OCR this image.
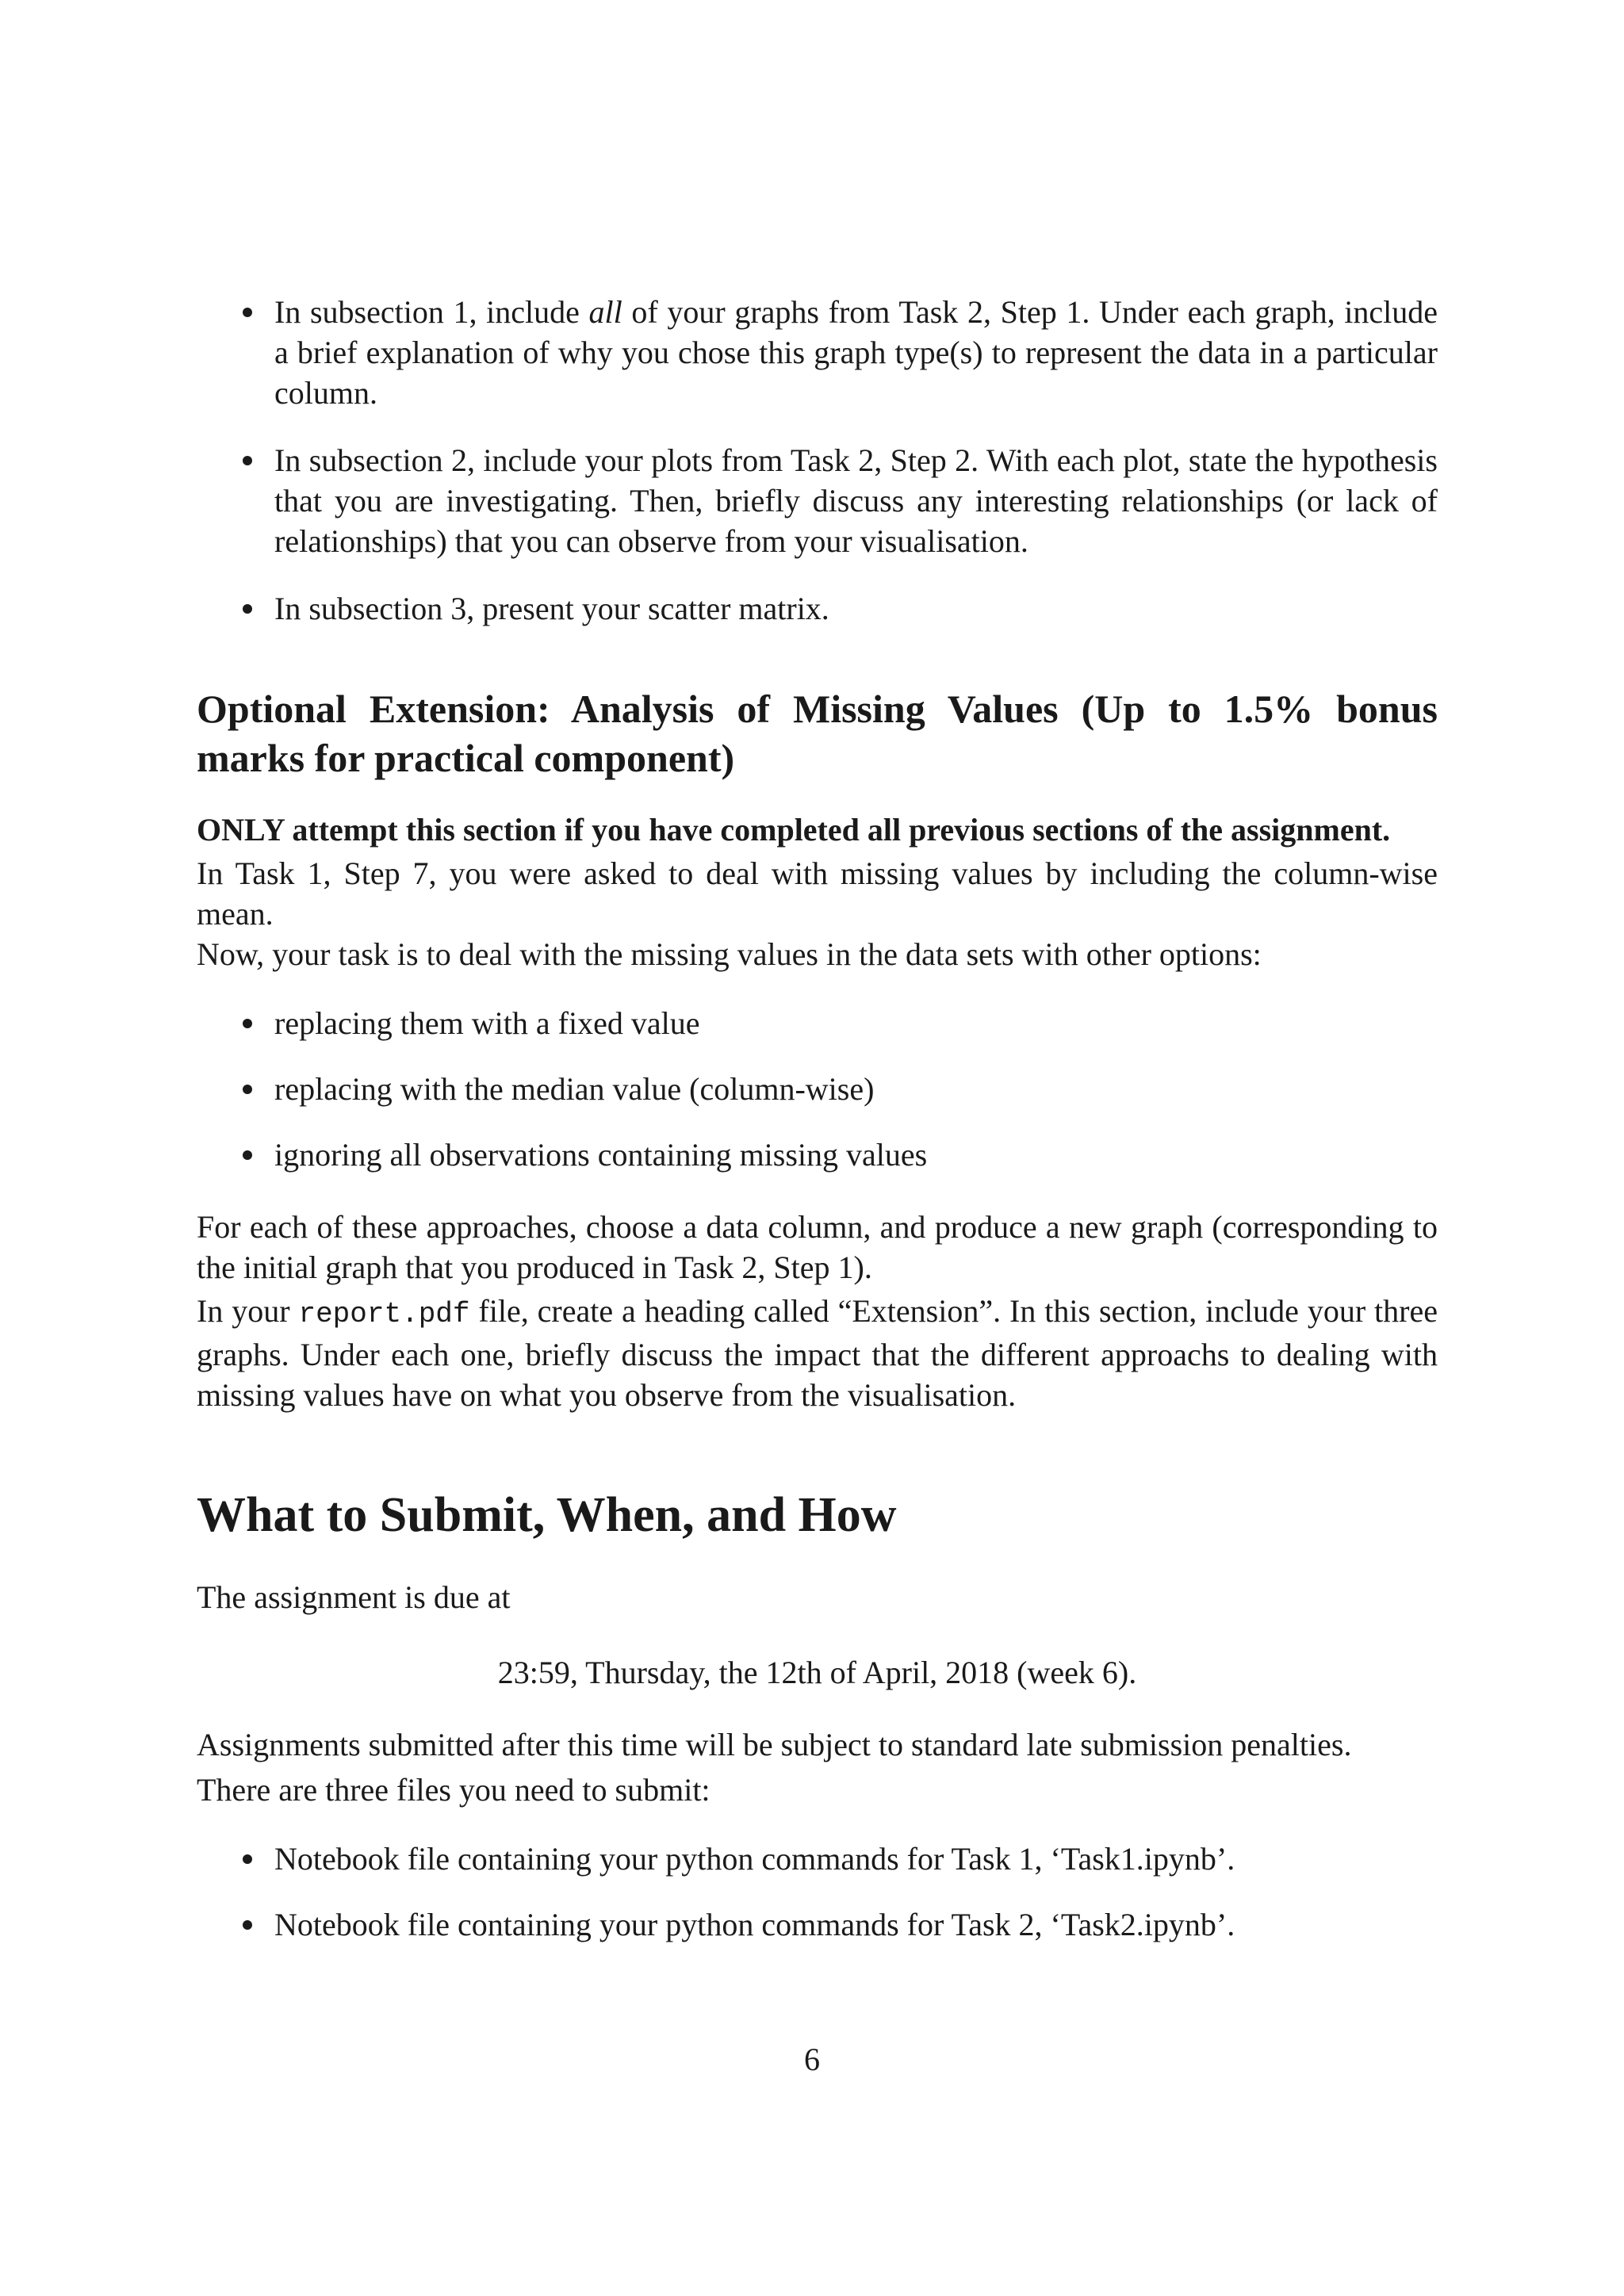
In subsection 1, include all of your graphs from Task 2, Step 1. Under each graph, include a brief explanation of why you chose this graph type(s) to represent the data in a particular column.
In subsection 2, include your plots from Task 2, Step 2. With each plot, state the hypothesis that you are investigating. Then, briefly discuss any interesting relationships (or lack of relationships) that you can observe from your visualisation.
In subsection 3, present your scatter matrix.
Optional Extension: Analysis of Missing Values (Up to 1.5% bonus marks for practical component)

ONLY attempt this section if you have completed all previous sections of the assignment.

In Task 1, Step 7, you were asked to deal with missing values by including the column-wise mean.

Now, your task is to deal with the missing values in the data sets with other options:

replacing them with a fixed value
replacing with the median value (column-wise)
ignoring all observations containing missing values

For each of these approaches, choose a data column, and produce a new graph (corresponding to the initial graph that you produced in Task 2, Step 1).

In your report.pdf file, create a heading called “Extension”. In this section, include your three graphs. Under each one, briefly discuss the impact that the different approachs to dealing with missing values have on what you observe from the visualisation.

What to Submit, When, and How

The assignment is due at

23:59, Thursday, the 12th of April, 2018 (week 6).

Assignments submitted after this time will be subject to standard late submission penalties.

There are three files you need to submit:

Notebook file containing your python commands for Task 1, ‘Task1.ipynb’.
Notebook file containing your python commands for Task 2, ‘Task2.ipynb’.
6
